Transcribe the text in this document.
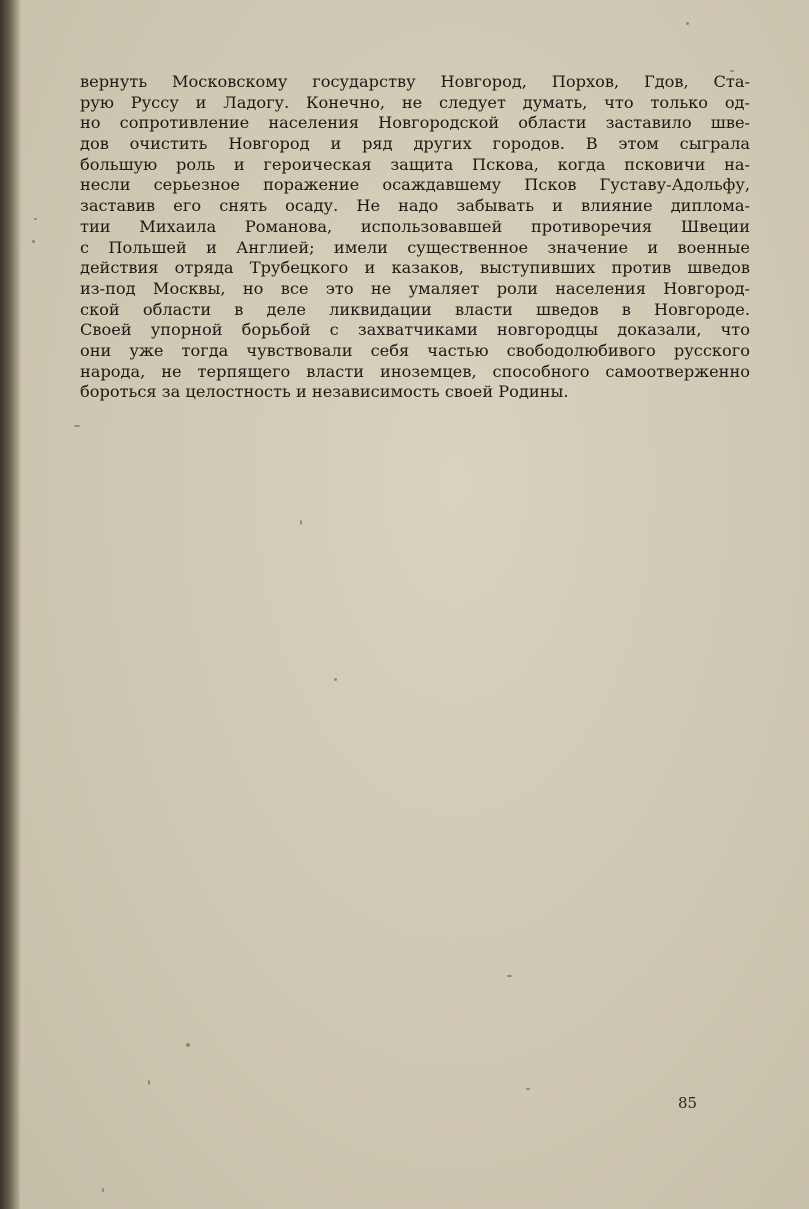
вернуть Московскому государству Новгород, Порхов, Гдов, Ста-
рую Руссу и Ладогу. Конечно, не следует думать, что только од-
но сопротивление населения Новгородской области заставило шве-
дов очистить Новгород и ряд других городов. В этом сыграла
большую роль и героическая защита Пскова, когда псковичи на-
несли серьезное поражение осаждавшему Псков Густаву-Адольфу,
заставив его снять осаду. Не надо забывать и влияние диплома-
тии Михаила Романова, использовавшей противоречия Швеции
с Польшей и Англией; имели существенное значение и военные
действия отряда Трубецкого и казаков, выступивших против шведов
из-под Москвы, но все это не умаляет роли населения Новгород-
ской области в деле ликвидации власти шведов в Новгороде.
Своей упорной борьбой с захватчиками новгородцы доказали, что
они уже тогда чувствовали себя частью свободолюбивого русского
народа, не терпящего власти иноземцев, способного самоотверженно
бороться за целостность и независимость своей Родины.
85
